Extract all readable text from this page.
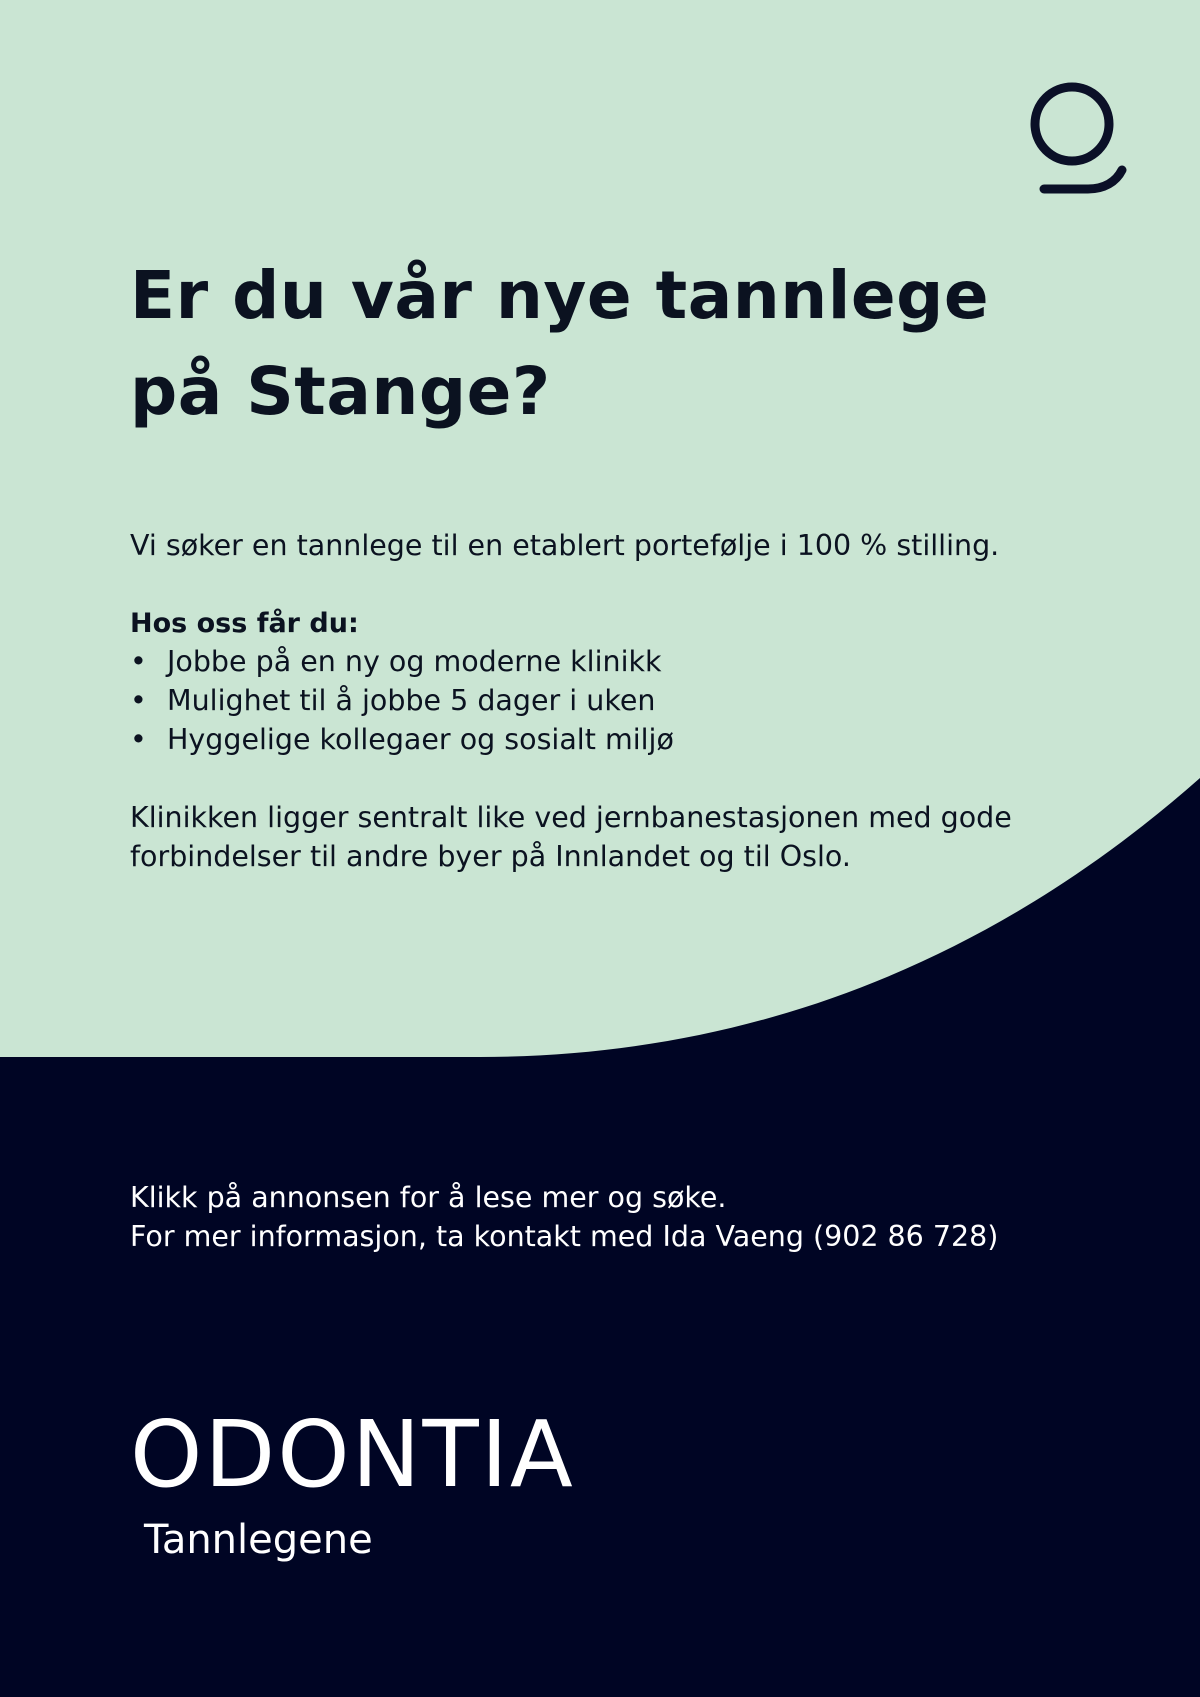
Er du vår nye tannlege
på Stange?

Vi søker en tannlege til en etablert portefølje i 100 % stilling.

Hos oss får du:

• Jobbe på en ny og moderne klinikk
• Mulighet til å jobbe 5 dager i uken
• Hyggelige kollegaer og sosialt miljø

Klinikken ligger sentralt like ved jernbanestasjonen med gode
forbindelser til andre byer på Innlandet og til Oslo.

Klikk på annonsen for å lese mer og søke.
For mer informasjon, ta kontakt med Ida Vaeng (902 86 728)
ODONTIA
Tannlegene
